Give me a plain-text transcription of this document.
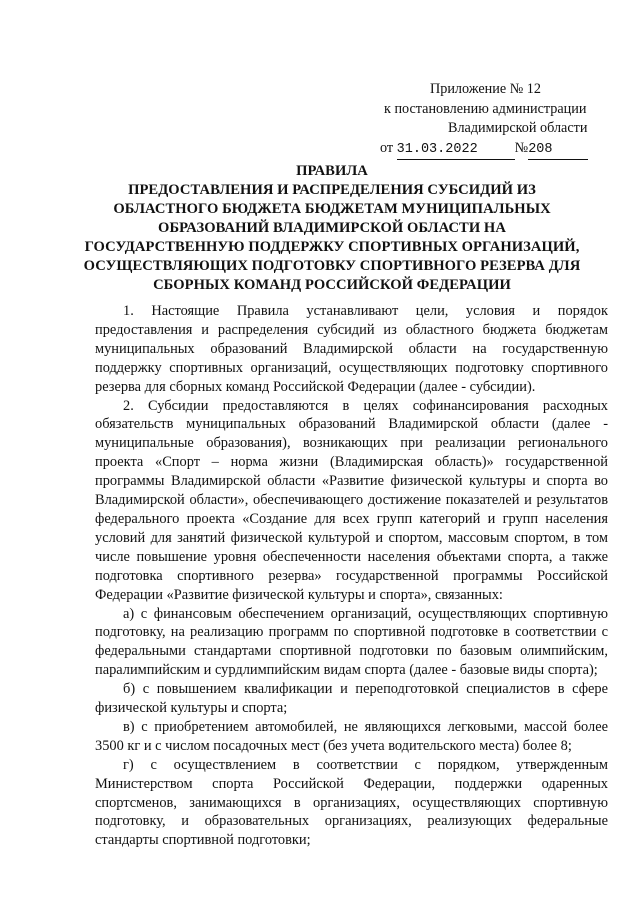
Приложение № 12
к постановлению администрации
Владимирской области
от 31.03.2022	№208
ПРАВИЛА
ПРЕДОСТАВЛЕНИЯ И РАСПРЕДЕЛЕНИЯ СУБСИДИЙ ИЗ
ОБЛАСТНОГО БЮДЖЕТА БЮДЖЕТАМ МУНИЦИПАЛЬНЫХ
ОБРАЗОВАНИЙ ВЛАДИМИРСКОЙ ОБЛАСТИ НА
ГОСУДАРСТВЕННУЮ ПОДДЕРЖКУ СПОРТИВНЫХ ОРГАНИЗАЦИЙ,
ОСУЩЕСТВЛЯЮЩИХ ПОДГОТОВКУ СПОРТИВНОГО РЕЗЕРВА ДЛЯ
СБОРНЫХ КОМАНД РОССИЙСКОЙ ФЕДЕРАЦИИ

1. Настоящие Правила устанавливают цели, условия и порядок предоставления и распределения субсидий из областного бюджета бюджетам муниципальных образований Владимирской области на государственную поддержку спортивных организаций, осуществляющих подготовку спортивного резерва для сборных команд Российской Федерации (далее - субсидии).

2. Субсидии предоставляются в целях софинансирования расходных обязательств муниципальных образований Владимирской области (далее - муниципальные образования), возникающих при реализации регионального проекта «Спорт – норма жизни (Владимирская область)» государственной программы Владимирской области «Развитие физической культуры и спорта во Владимирской области», обеспечивающего достижение показателей и результатов федерального проекта «Создание для всех групп категорий и групп населения условий для занятий физической культурой и спортом, массовым спортом, в том числе повышение уровня обеспеченности населения объектами спорта, а также подготовка спортивного резерва» государственной программы Российской Федерации «Развитие физической культуры и спорта», связанных:

а) с финансовым обеспечением организаций, осуществляющих спортивную подготовку, на реализацию программ по спортивной подготовке в соответствии с федеральными стандартами спортивной подготовки по базовым олимпийским, паралимпийским и сурдлимпийским видам спорта (далее - базовые виды спорта);

б) с повышением квалификации и переподготовкой специалистов в сфере физической культуры и спорта;

в) с приобретением автомобилей, не являющихся легковыми, массой более 3500 кг и с числом посадочных мест (без учета водительского места) более 8;

г) с осуществлением в соответствии с порядком, утвержденным Министерством спорта Российской Федерации, поддержки одаренных спортсменов, занимающихся в организациях, осуществляющих спортивную подготовку, и образовательных организациях, реализующих федеральные стандарты спортивной подготовки;
